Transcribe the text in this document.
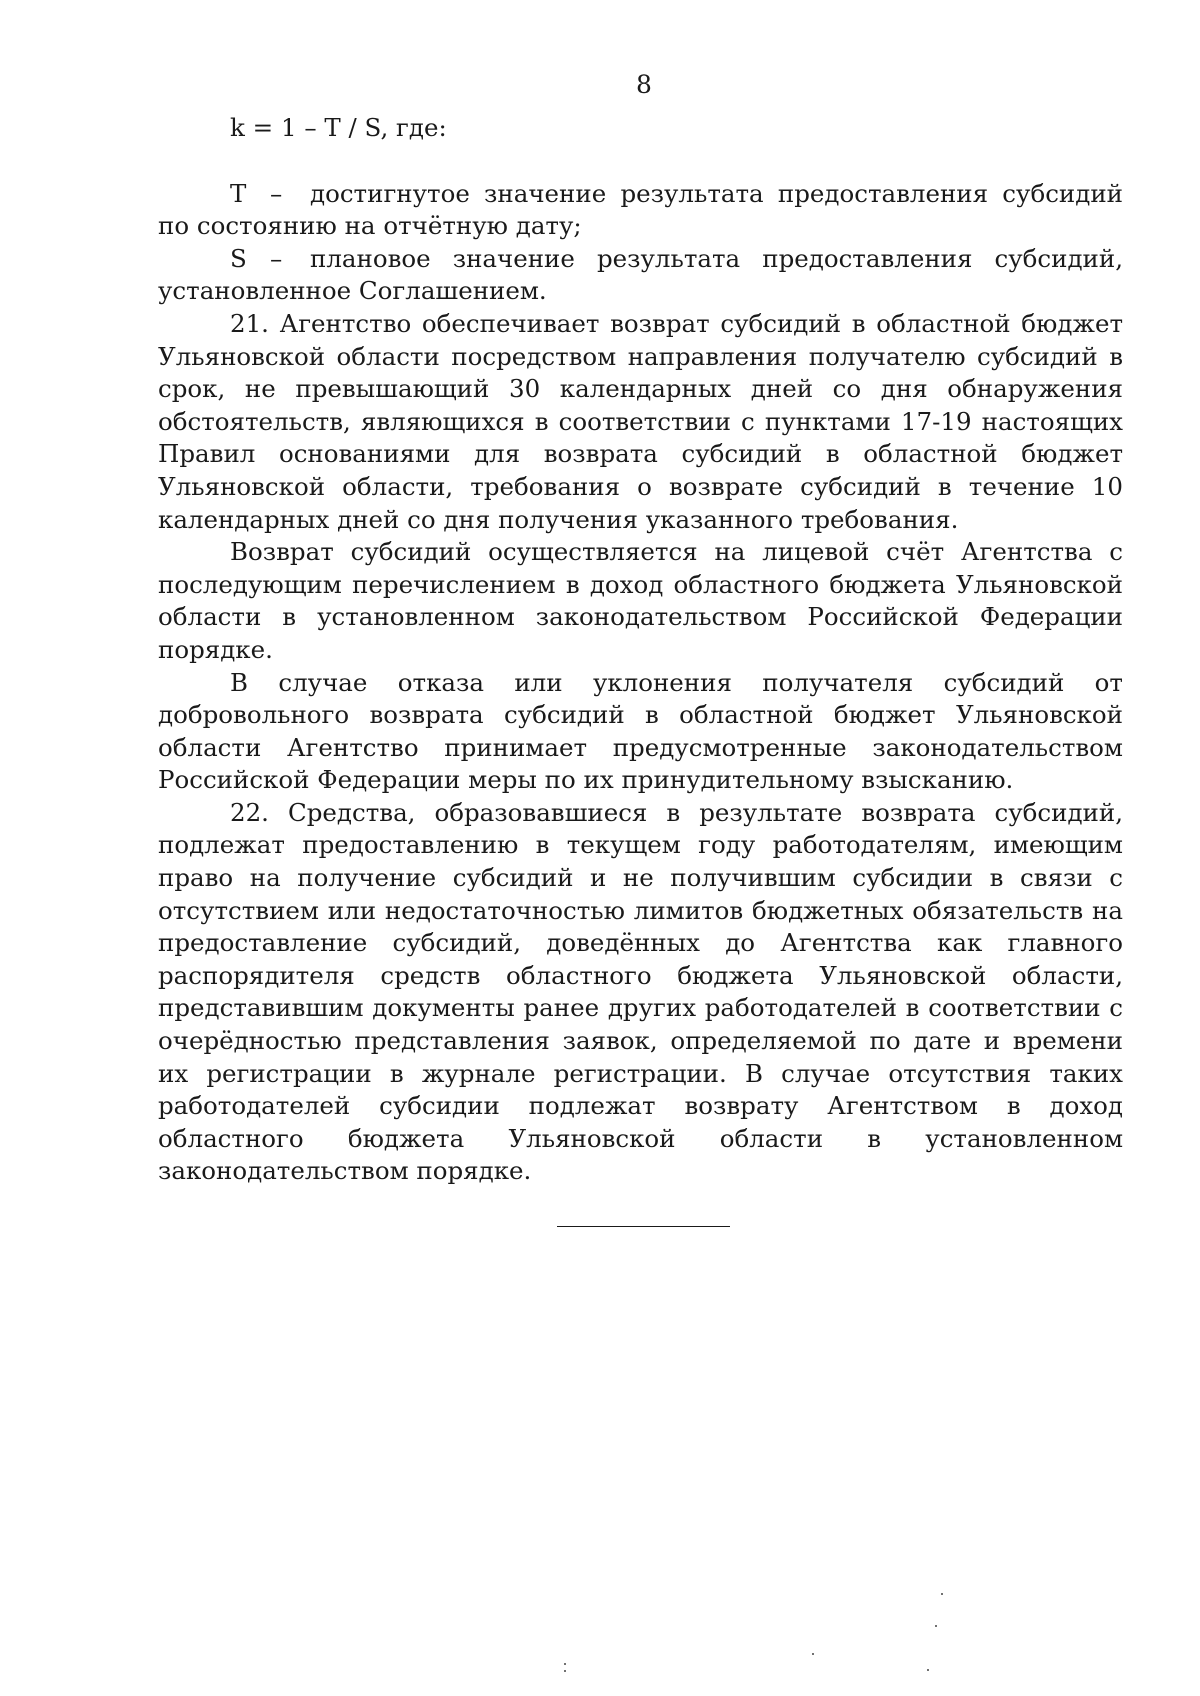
8
k = 1 – T / S, где:

T – достигнутое значение результата предоставления субсидий по состоянию на отчётную дату;

S – плановое значение результата предоставления субсидий, установленное Соглашением.

21. Агентство обеспечивает возврат субсидий в областной бюджет Ульяновской области посредством направления получателю субсидий в срок, не превышающий 30 календарных дней со дня обнаружения обстоятельств, являющихся в соответствии с пунктами 17-19 настоящих Правил основаниями для возврата субсидий в областной бюджет Ульяновской области, требования о возврате субсидий в течение 10 календарных дней со дня получения указанного требования.

Возврат субсидий осуществляется на лицевой счёт Агентства с последующим перечислением в доход областного бюджета Ульяновской области в установленном законодательством Российской Федерации порядке.

В случае отказа или уклонения получателя субсидий от добровольного возврата субсидий в областной бюджет Ульяновской области Агентство принимает предусмотренные законодательством Российской Федерации меры по их принудительному взысканию.

22. Средства, образовавшиеся в результате возврата субсидий, подлежат предоставлению в текущем году работодателям, имеющим право на получение субсидий и не получившим субсидии в связи с отсутствием или недостаточностью лимитов бюджетных обязательств на предоставление субсидий, доведённых до Агентства как главного распорядителя средств областного бюджета Ульяновской области, представившим документы ранее других работодателей в соответствии с очерёдностью представления заявок, определяемой по дате и времени их регистрации в журнале регистрации. В случае отсутствия таких работодателей субсидии подлежат возврату Агентством в доход областного бюджета Ульяновской области в установленном законодательством порядке.
